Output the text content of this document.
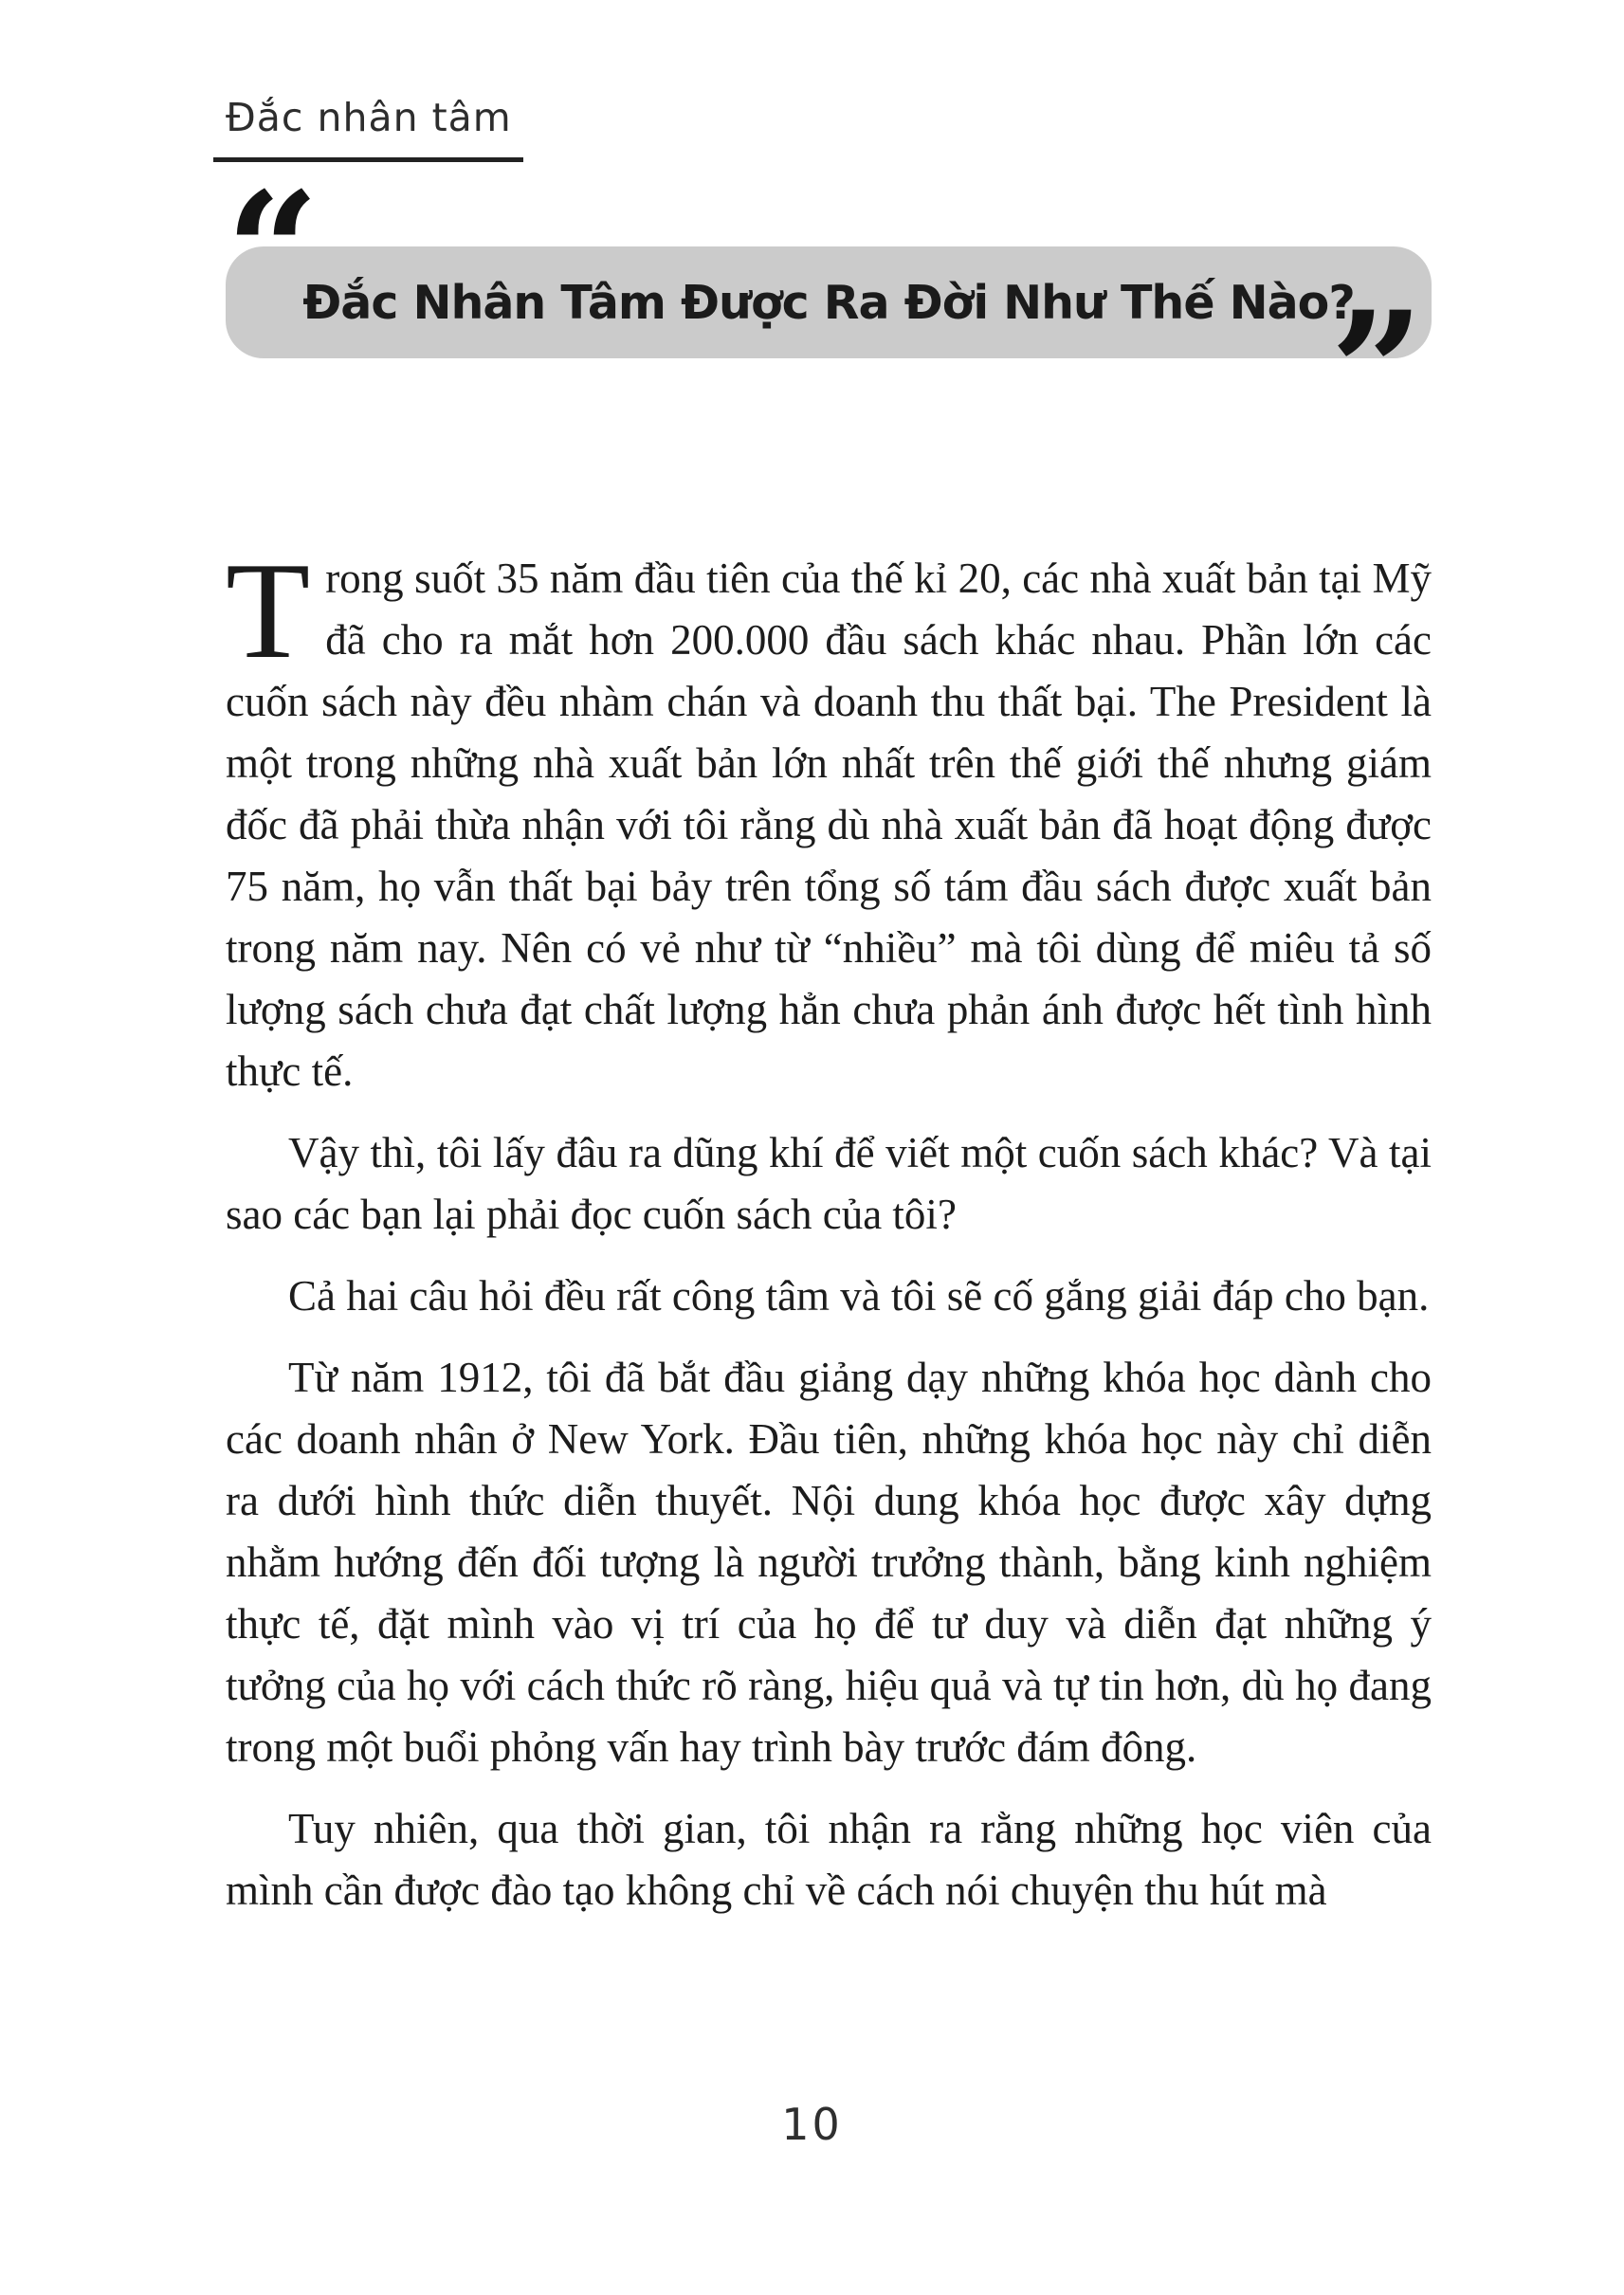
Đắc nhân tâm
“
Đắc Nhân Tâm Được Ra Đời Như Thế Nào?
”

Trong suốt 35 năm đầu tiên của thế kỉ 20, các nhà xuất bản tại Mỹ đã cho ra mắt hơn 200.000 đầu sách khác nhau. Phần lớn các cuốn sách này đều nhàm chán và doanh thu thất bại. The President là một trong những nhà xuất bản lớn nhất trên thế giới thế nhưng giám đốc đã phải thừa nhận với tôi rằng dù nhà xuất bản đã hoạt động được 75 năm, họ vẫn thất bại bảy trên tổng số tám đầu sách được xuất bản trong năm nay. Nên có vẻ như từ “nhiều” mà tôi dùng để miêu tả số lượng sách chưa đạt chất lượng hẳn chưa phản ánh được hết tình hình thực tế.

Vậy thì, tôi lấy đâu ra dũng khí để viết một cuốn sách khác? Và tại sao các bạn lại phải đọc cuốn sách của tôi?

Cả hai câu hỏi đều rất công tâm và tôi sẽ cố gắng giải đáp cho bạn.

Từ năm 1912, tôi đã bắt đầu giảng dạy những khóa học dành cho các doanh nhân ở New York. Đầu tiên, những khóa học này chỉ diễn ra dưới hình thức diễn thuyết. Nội dung khóa học được xây dựng nhằm hướng đến đối tượng là người trưởng thành, bằng kinh nghiệm thực tế, đặt mình vào vị trí của họ để tư duy và diễn đạt những ý tưởng của họ với cách thức rõ ràng, hiệu quả và tự tin hơn, dù họ đang trong một buổi phỏng vấn hay trình bày trước đám đông.

Tuy nhiên, qua thời gian, tôi nhận ra rằng những học viên của mình cần được đào tạo không chỉ về cách nói chuyện thu hút mà

10
